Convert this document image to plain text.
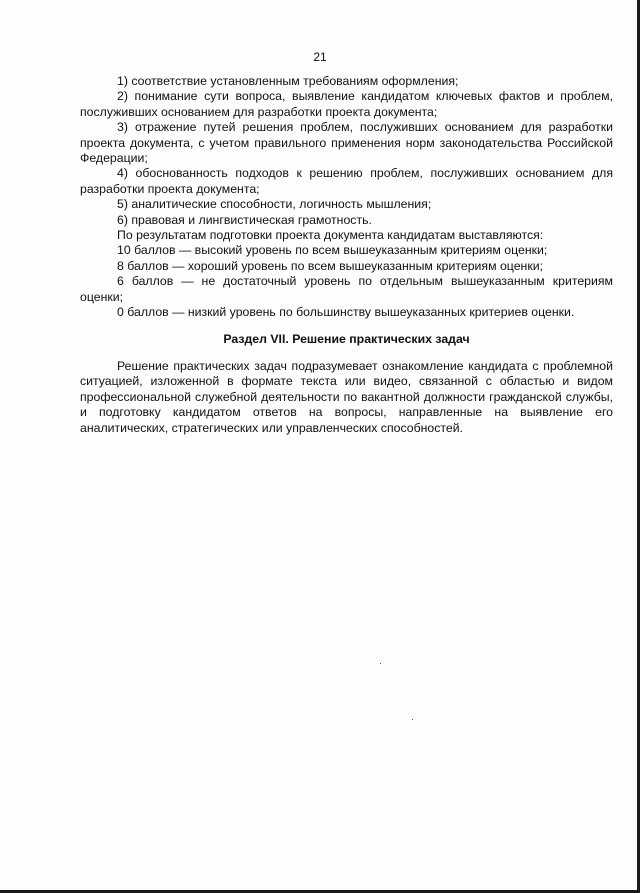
21

1) соответствие установленным требованиям оформления;

2) понимание сути вопроса, выявление кандидатом ключевых фактов и проблем, послуживших основанием для разработки проекта документа;

3) отражение путей решения проблем, послуживших основанием для разработки проекта документа, с учетом правильного применения норм законодательства Российской Федерации;

4) обоснованность подходов к решению проблем, послуживших основанием для разработки проекта документа;

5) аналитические способности, логичность мышления;

6) правовая и лингвистическая грамотность.

По результатам подготовки проекта документа кандидатам выставляются:

10 баллов — высокий уровень по всем вышеуказанным критериям оценки;

8 баллов — хороший уровень по всем вышеуказанным критериям оценки;

6 баллов — не достаточный уровень по отдельным вышеуказанным критериям оценки;

0 баллов — низкий уровень по большинству вышеуказанных критериев оценки.

Раздел VII. Решение практических задач

Решение практических задач подразумевает ознакомление кандидата с проблемной ситуацией, изложенной в формате текста или видео, связанной с областью и видом профессиональной служебной деятельности по вакантной должности гражданской службы, и подготовку кандидатом ответов на вопросы, направленные на выявление его аналитических, стратегических или управленческих способностей.
